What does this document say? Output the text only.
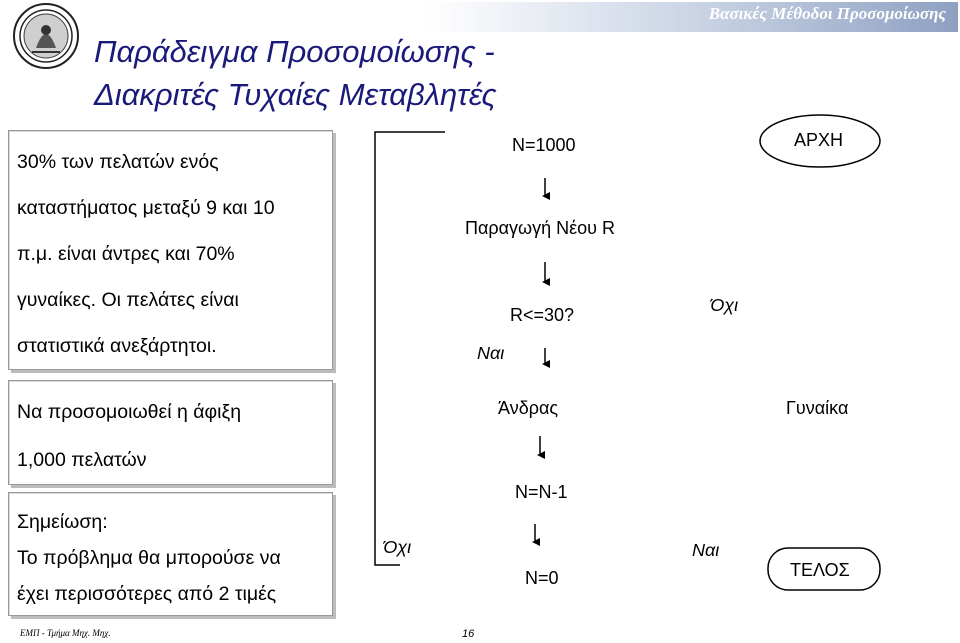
Βασικές Μέθοδοι Προσομοίωσης
Παράδειγμα Προσομοίωσης -
Διακριτές Τυχαίες Μεταβλητές
30% των πελατών ενός
καταστήματος μεταξύ 9 και 10
π.μ. είναι άντρες και 70%
γυναίκες. Οι πελάτες είναι
στατιστικά ανεξάρτητοι.
Να προσομοιωθεί η άφιξη
1,000 πελατών
Σημείωση:
Το πρόβλημα θα μπορούσε να
έχει περισσότερες από 2 τιμές
ΑΡΧΗ
N=1000
Παραγωγή Νέου R
R<=30?	Όχι
Ναι
Άνδρας	Γυναίκα
N=N-1
Όχι
N=0
Ναι
ΤΕΛΟΣ
ΕΜΠ - Τμήμα Μηχ. Μηχ.	16
